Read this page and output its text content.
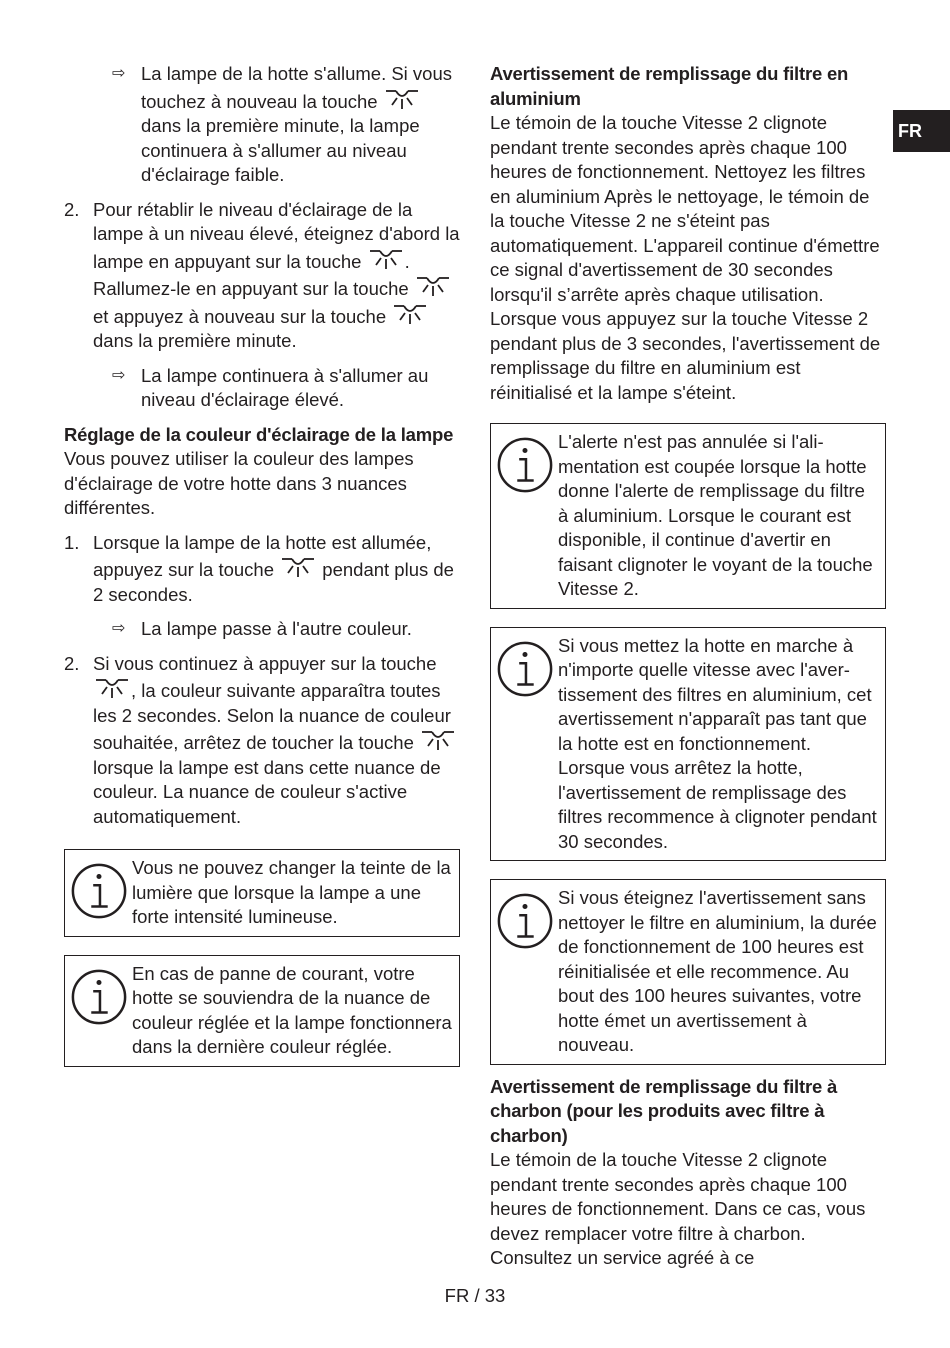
FR
⇨ La lampe de la hotte s'allume. Si vous touchez à nouveau la touche
dans la première minute, la lampe continuera à s'allumer au niveau d'éclairage faible.

2. Pour rétablir le niveau d'éclairage de la lampe à un niveau élevé, éteignez d'abord la lampe en appuyant sur la touche . Rallumez-le en appuyant sur la touche
et appuyez à nouveau sur la touche
dans la première minute.

⇨ La lampe continuera à s'allumer au niveau d'éclairage élevé.

Réglage de la couleur d'éclairage de la lampe

Vous pouvez utiliser la couleur des lampes d'éclairage de votre hotte dans 3 nuances différentes.

1. Lorsque la lampe de la hotte est allumée, appuyez sur la touche	pendant plus de 2 secondes.

⇨ La lampe passe à l'autre couleur.

2. Si vous continuez à appuyer sur la touche
, la couleur suivante apparaîtra toutes les 2 secondes. Selon la nuance de couleur souhaitée, arrêtez de toucher la touche
lorsque la lampe est dans cette nuance de couleur. La nuance de couleur s'active automatiquement.

Vous ne pouvez changer la teinte de la lumière que lorsque la lampe a une forte intensité lumineuse.

En cas de panne de courant, votre hotte se souviendra de la nuance de couleur réglée et la lampe fonctionnera dans la dernière couleur réglée.

Avertissement de remplissage du filtre en aluminium

Le témoin de la touche Vitesse 2 clignote pendant trente secondes après chaque 100 heures de fonctionnement. Nettoyez les filtres en aluminium Après le nettoyage, le témoin de la touche Vitesse 2 ne s'éteint pas automatiquement. L'appareil continue d'émettre ce signal d'avertissement de 30 secondes lorsqu'il s’arrête après chaque utilisation. Lorsque vous appuyez sur la touche Vitesse 2 pendant plus de 3 secondes, l'avertissement de remplissage du filtre en aluminium est réinitialisé et la lampe s'éteint.

L'alerte n'est pas annulée si l'alimentation est coupée lorsque la hotte donne l'alerte de remplissage du filtre à aluminium. Lorsque le courant est disponible, il continue d'avertir en faisant clignoter le voyant de la touche Vitesse 2.

Si vous mettez la hotte en marche à n'importe quelle vitesse avec l'avertissement des filtres en aluminium, cet avertissement n'apparaît pas tant que la hotte est en fonctionnement. Lorsque vous arrêtez la hotte, l'avertissement de remplissage des filtres recommence à clignoter pendant 30 secondes.

Si vous éteignez l'avertissement sans nettoyer le filtre en aluminium, la durée de fonctionnement de 100 heures est réinitialisée et elle recommence. Au bout des 100 heures suivantes, votre hotte émet un avertissement à nouveau.

Avertissement de remplissage du filtre à charbon (pour les produits avec filtre à charbon)

Le témoin de la touche Vitesse 2 clignote pendant trente secondes après chaque 100 heures de fonctionnement. Dans ce cas, vous devez remplacer votre filtre à charbon. Consultez un service agréé à ce

FR / 33
